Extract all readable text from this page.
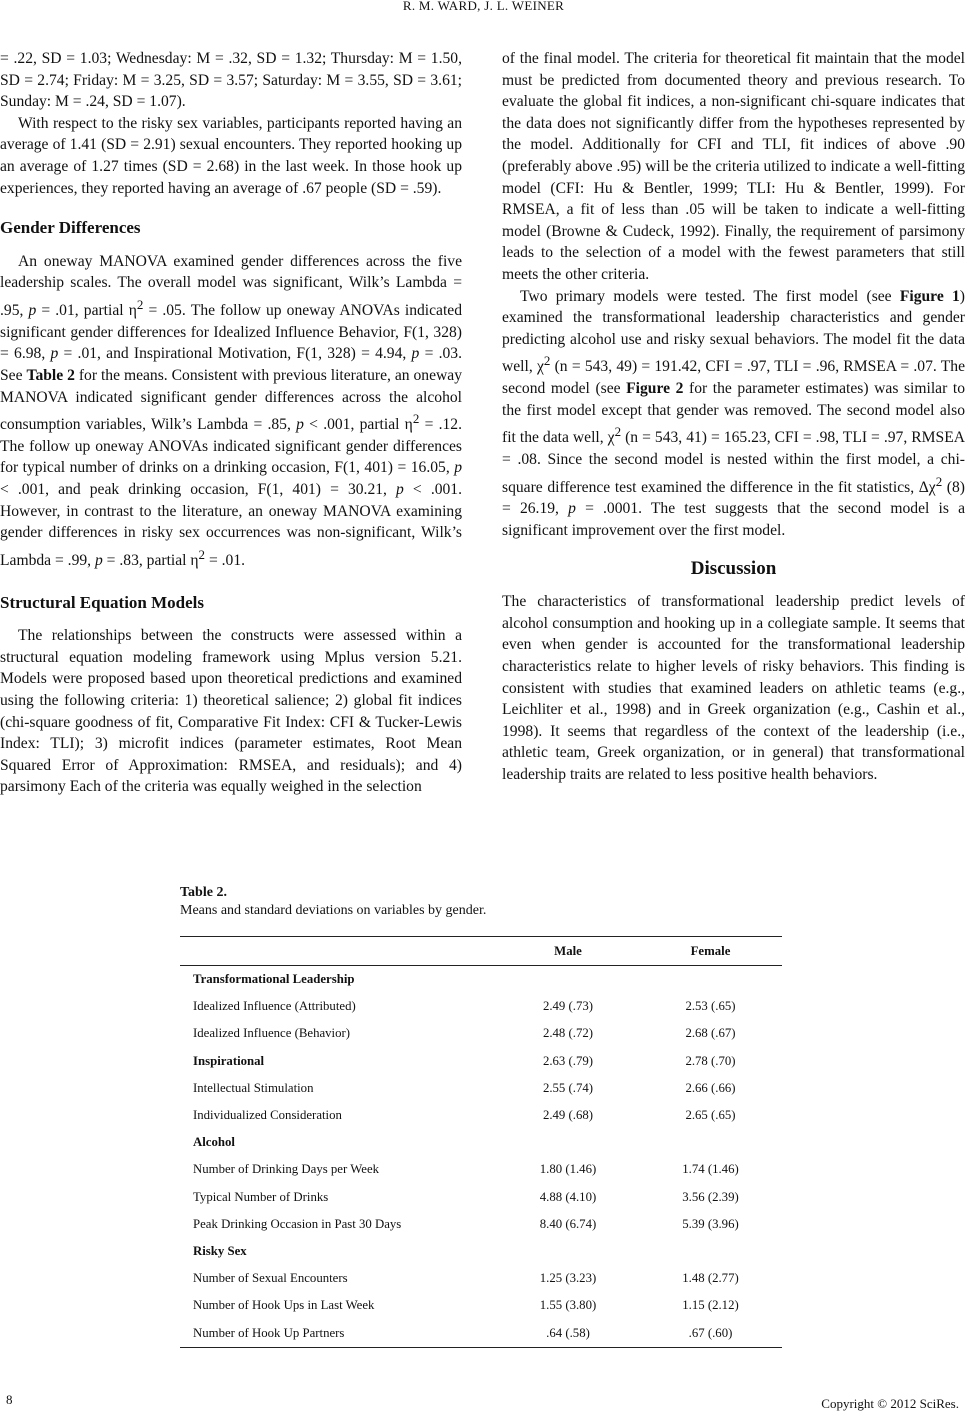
R. M. WARD, J. L. WEINER

= .22, SD = 1.03; Wednesday: M = .32, SD = 1.32; Thursday: M = 1.50, SD = 2.74; Friday: M = 3.25, SD = 3.57; Saturday: M = 3.55, SD = 3.61; Sunday: M = .24, SD = 1.07).

With respect to the risky sex variables, participants reported having an average of 1.41 (SD = 2.91) sexual encounters. They reported hooking up an average of 1.27 times (SD = 2.68) in the last week. In those hook up experiences, they reported having an average of .67 people (SD = .59).

Gender Differences

An oneway MANOVA examined gender differences across the five leadership scales. The overall model was significant, Wilk’s Lambda = .95, p = .01, partial $\eta^2 = .05$. The follow up oneway ANOVAs indicated significant gender differences for Idealized Influence Behavior, F(1, 328) = 6.98, p = .01, and Inspirational Motivation, F(1, 328) = 4.94, p = .03. See Table 2 for the means. Consistent with previous literature, an oneway MANOVA indicated significant gender differences across the alcohol consumption variables, Wilk’s Lambda = .85, p < .001, partial $\eta^2 = .12$. The follow up oneway ANOVAs indicated significant gender differences for typical number of drinks on a drinking occasion, F(1, 401) = 16.05, p < .001, and peak drinking occasion, F(1, 401) = 30.21, p < .001. However, in contrast to the literature, an oneway MANOVA examining gender differences in risky sex occurrences was non-significant, Wilk’s Lambda = .99, p = .83, partial $\eta^2 = .01$.

Structural Equation Models

The relationships between the constructs were assessed within a structural equation modeling framework using Mplus version 5.21. Models were proposed based upon theoretical predictions and examined using the following criteria: 1) theoretical salience; 2) global fit indices (chi-square goodness of fit, Comparative Fit Index: CFI & Tucker-Lewis Index: TLI); 3) microfit indices (parameter estimates, Root Mean Squared Error of Approximation: RMSEA, and residuals); and 4) parsimony Each of the criteria was equally weighed in the selection

of the final model. The criteria for theoretical fit maintain that the model must be predicted from documented theory and previous research. To evaluate the global fit indices, a non-significant chi-square indicates that the data does not significantly differ from the hypotheses represented by the model. Additionally for CFI and TLI, fit indices of above .90 (preferably above .95) will be the criteria utilized to indicate a well-fitting model (CFI: Hu & Bentler, 1999; TLI: Hu & Bentler, 1999). For RMSEA, a fit of less than .05 will be taken to indicate a well-fitting model (Browne & Cudeck, 1992). Finally, the requirement of parsimony leads to the selection of a model with the fewest parameters that still meets the other criteria.

Two primary models were tested. The first model (see Figure 1) examined the transformational leadership characteristics and gender predicting alcohol use and risky sexual behaviors. The model fit the data well, $\chi^2$ (n = 543, 49) = 191.42, CFI = .97, TLI = .96, RMSEA = .07. The second model (see Figure 2 for the parameter estimates) was similar to the first model except that gender was removed. The second model also fit the data well, $\chi^2$ (n = 543, 41) = 165.23, CFI = .98, TLI = .97, RMSEA = .08. Since the second model is nested within the first model, a chi-square difference test examined the difference in the fit statistics, $\Delta\chi^2$ (8) = 26.19, p = .0001. The test suggests that the second model is a significant improvement over the first model.

Discussion

The characteristics of transformational leadership predict levels of alcohol consumption and hooking up in a collegiate sample. It seems that even when gender is accounted for the transformational leadership characteristics relate to higher levels of risky behaviors. This finding is consistent with studies that examined leaders on athletic teams (e.g., Leichliter et al., 1998) and in Greek organization (e.g., Cashin et al., 1998). It seems that regardless of the context of the leadership (i.e., athletic team, Greek organization, or in general) that transformational leadership traits are related to less positive health behaviors.

Table 2.
Means and standard deviations on variables by gender.
	Male	Female
Transformational Leadership		
Idealized Influence (Attributed)	2.49 (.73)	2.53 (.65)
Idealized Influence (Behavior)	2.48 (.72)	2.68 (.67)
Inspirational	2.63 (.79)	2.78 (.70)
Intellectual Stimulation	2.55 (.74)	2.66 (.66)
Individualized Consideration	2.49 (.68)	2.65 (.65)
Alcohol		
Number of Drinking Days per Week	1.80 (1.46)	1.74 (1.46)
Typical Number of Drinks	4.88 (4.10)	3.56 (2.39)
Peak Drinking Occasion in Past 30 Days	8.40 (6.74)	5.39 (3.96)
Risky Sex		
Number of Sexual Encounters	1.25 (3.23)	1.48 (2.77)
Number of Hook Ups in Last Week	1.55 (3.80)	1.15 (2.12)
Number of Hook Up Partners	.64 (.58)	.67 (.60)
8	Copyright © 2012 SciRes.
